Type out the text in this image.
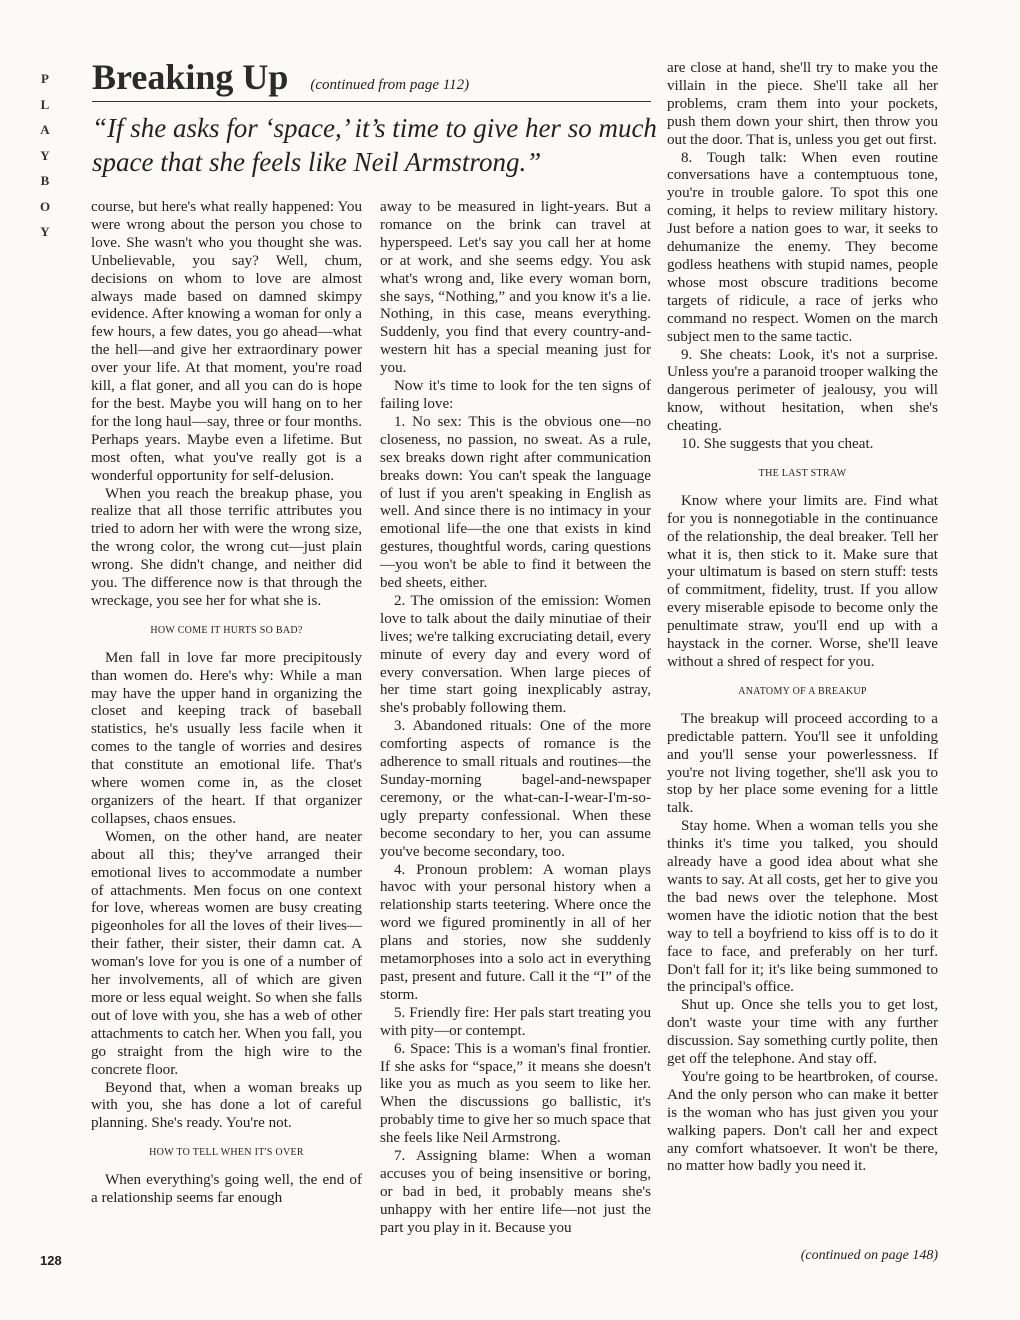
P
L
A
Y
B
O
Y
Breaking Up (continued from page 112)
“If she asks for ‘space,’ it’s time to give her so much space that she feels like Neil Armstrong.”

course, but here's what really happened: You were wrong about the person you chose to love. She wasn't who you thought she was. Unbelievable, you say? Well, chum, decisions on whom to love are almost always made based on damned skimpy evidence. After knowing a woman for only a few hours, a few dates, you go ahead—what the hell—and give her extraordinary power over your life. At that moment, you're road kill, a flat goner, and all you can do is hope for the best. Maybe you will hang on to her for the long haul—say, three or four months. Perhaps years. Maybe even a lifetime. But most often, what you've really got is a wonderful opportunity for self-delusion.

When you reach the breakup phase, you realize that all those terrific attributes you tried to adorn her with were the wrong size, the wrong color, the wrong cut—just plain wrong. She didn't change, and neither did you. The difference now is that through the wreckage, you see her for what she is.

HOW COME IT HURTS SO BAD?

Men fall in love far more precipitously than women do. Here's why: While a man may have the upper hand in organizing the closet and keeping track of baseball statistics, he's usually less facile when it comes to the tangle of worries and desires that constitute an emotional life. That's where women come in, as the closet organizers of the heart. If that organizer collapses, chaos ensues.

Women, on the other hand, are neater about all this; they've arranged their emotional lives to accommodate a number of attachments. Men focus on one context for love, whereas women are busy creating pigeonholes for all the loves of their lives—their father, their sister, their damn cat. A woman's love for you is one of a number of her involvements, all of which are given more or less equal weight. So when she falls out of love with you, she has a web of other attachments to catch her. When you fall, you go straight from the high wire to the concrete floor.

Beyond that, when a woman breaks up with you, she has done a lot of careful planning. She's ready. You're not.

HOW TO TELL WHEN IT'S OVER

When everything's going well, the end of a relationship seems far enough

away to be measured in light-years. But a romance on the brink can travel at hyperspeed. Let's say you call her at home or at work, and she seems edgy. You ask what's wrong and, like every woman born, she says, “Nothing,” and you know it's a lie. Nothing, in this case, means everything. Suddenly, you find that every country-and-western hit has a special meaning just for you.

Now it's time to look for the ten signs of failing love:

1. No sex: This is the obvious one—no closeness, no passion, no sweat. As a rule, sex breaks down right after communication breaks down: You can't speak the language of lust if you aren't speaking in English as well. And since there is no intimacy in your emotional life—the one that exists in kind gestures, thoughtful words, caring questions—you won't be able to find it between the bed sheets, either.

2. The omission of the emission: Women love to talk about the daily minutiae of their lives; we're talking excruciating detail, every minute of every day and every word of every conversation. When large pieces of her time start going inexplicably astray, she's probably following them.

3. Abandoned rituals: One of the more comforting aspects of romance is the adherence to small rituals and routines—the Sunday-morning bagel-and-newspaper ceremony, or the what-can-I-wear-I'm-so-ugly preparty confessional. When these become secondary to her, you can assume you've become secondary, too.

4. Pronoun problem: A woman plays havoc with your personal history when a relationship starts teetering. Where once the word we figured prominently in all of her plans and stories, now she suddenly metamorphoses into a solo act in everything past, present and future. Call it the “I” of the storm.

5. Friendly fire: Her pals start treating you with pity—or contempt.

6. Space: This is a woman's final frontier. If she asks for “space,” it means she doesn't like you as much as you seem to like her. When the discussions go ballistic, it's probably time to give her so much space that she feels like Neil Armstrong.

7. Assigning blame: When a woman accuses you of being insensitive or boring, or bad in bed, it probably means she's unhappy with her entire life—not just the part you play in it. Because you

are close at hand, she'll try to make you the villain in the piece. She'll take all her problems, cram them into your pockets, push them down your shirt, then throw you out the door. That is, unless you get out first.

8. Tough talk: When even routine conversations have a contemptuous tone, you're in trouble galore. To spot this one coming, it helps to review military history. Just before a nation goes to war, it seeks to dehumanize the enemy. They become godless heathens with stupid names, people whose most obscure traditions become targets of ridicule, a race of jerks who command no respect. Women on the march subject men to the same tactic.

9. She cheats: Look, it's not a surprise. Unless you're a paranoid trooper walking the dangerous perimeter of jealousy, you will know, without hesitation, when she's cheating.

10. She suggests that you cheat.

THE LAST STRAW

Know where your limits are. Find what for you is nonnegotiable in the continuance of the relationship, the deal breaker. Tell her what it is, then stick to it. Make sure that your ultimatum is based on stern stuff: tests of commitment, fidelity, trust. If you allow every miserable episode to become only the penultimate straw, you'll end up with a haystack in the corner. Worse, she'll leave without a shred of respect for you.

ANATOMY OF A BREAKUP

The breakup will proceed according to a predictable pattern. You'll see it unfolding and you'll sense your powerlessness. If you're not living together, she'll ask you to stop by her place some evening for a little talk.

Stay home. When a woman tells you she thinks it's time you talked, you should already have a good idea about what she wants to say. At all costs, get her to give you the bad news over the telephone. Most women have the idiotic notion that the best way to tell a boyfriend to kiss off is to do it face to face, and preferably on her turf. Don't fall for it; it's like being summoned to the principal's office.

Shut up. Once she tells you to get lost, don't waste your time with any further discussion. Say something curtly polite, then get off the telephone. And stay off.

You're going to be heartbroken, of course. And the only person who can make it better is the woman who has just given you your walking papers. Don't call her and expect any comfort whatsoever. It won't be there, no matter how badly you need it.

(continued on page 148)
128
